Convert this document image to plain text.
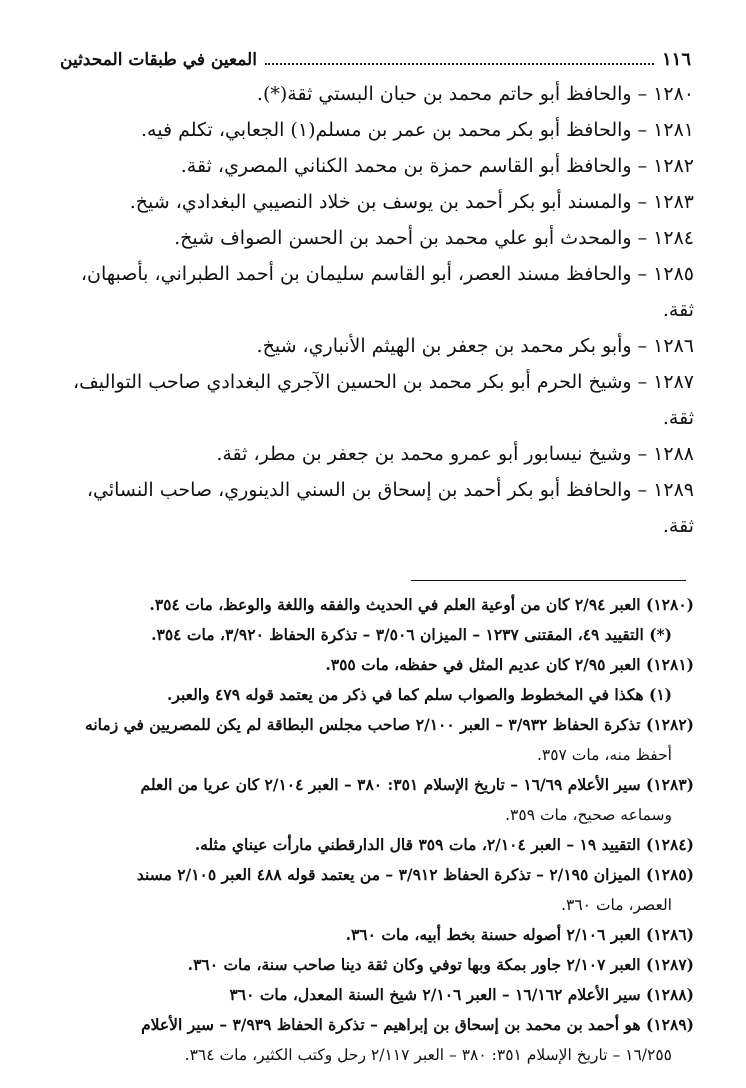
١١٦
المعين في طبقات المحدثين
١٢٨٠ – والحافظ أبو حاتم محمد بن حبان البستي ثقة(*).
١٢٨١ – والحافظ أبو بكر محمد بن عمر بن مسلم(١) الجعابي، تكلم فيه.
١٢٨٢ – والحافظ أبو القاسم حمزة بن محمد الكناني المصري، ثقة.
١٢٨٣ – والمسند أبو بكر أحمد بن يوسف بن خلاد النصيبي البغدادي، شيخ.
١٢٨٤ – والمحدث أبو علي محمد بن أحمد بن الحسن الصواف شيخ.
١٢٨٥ – والحافظ مسند العصر، أبو القاسم سليمان بن أحمد الطبراني، بأصبهان،
ثقة.
١٢٨٦ – وأبو بكر محمد بن جعفر بن الهيثم الأنباري، شيخ.
١٢٨٧ – وشيخ الحرم أبو بكر محمد بن الحسين الآجري البغدادي صاحب التواليف،
ثقة.
١٢٨٨ – وشيخ نيسابور أبو عمرو محمد بن جعفر بن مطر، ثقة.
١٢٨٩ – والحافظ أبو بكر أحمد بن إسحاق بن السني الدينوري، صاحب النسائي،
ثقة.
(١٢٨٠) العبر ٢/٩٤ كان من أوعية العلم في الحديث والفقه واللغة والوعظ، مات ٣٥٤.
(*) التقييد ٤٩، المقتنى ١٢٣٧ – الميزان ٣/٥٠٦ – تذكرة الحفاظ ٣/٩٢٠، مات ٣٥٤.
(١٢٨١) العبر ٢/٩٥ كان عديم المثل في حفظه، مات ٣٥٥.
(١) هكذا في المخطوط والصواب سلم كما في ذكر من يعتمد قوله ٤٧٩ والعبر.
(١٢٨٢) تذكرة الحفاظ ٣/٩٣٢ – العبر ٢/١٠٠ صاحب مجلس البطاقة لم يكن للمصريين في زمانه
أحفظ منه، مات ٣٥٧.
(١٢٨٣) سير الأعلام ١٦/٦٩ – تاريخ الإسلام ٣٥١: ٣٨٠ – العبر ٢/١٠٤ كان عريا من العلم
وسماعه صحيح، مات ٣٥٩.
(١٢٨٤) التقييد ١٩ – العبر ٢/١٠٤، مات ٣٥٩ قال الدارقطني مارأت عيناي مثله.
(١٢٨٥) الميزان ٢/١٩٥ – تذكرة الحفاظ ٣/٩١٢ – من يعتمد قوله ٤٨٨ العبر ٢/١٠٥ مسند
العصر، مات ٣٦٠.
(١٢٨٦) العبر ٢/١٠٦ أصوله حسنة بخط أبيه، مات ٣٦٠.
(١٢٨٧) العبر ٢/١٠٧ جاور بمكة وبها توفي وكان ثقة دينا صاحب سنة، مات ٣٦٠.
(١٢٨٨) سير الأعلام ١٦/١٦٢ – العبر ٢/١٠٦ شيخ السنة المعدل، مات ٣٦٠
(١٢٨٩) هو أحمد بن محمد بن إسحاق بن إبراهيم – تذكرة الحفاظ ٣/٩٣٩ – سير الأعلام
١٦/٢٥٥ – تاريخ الإسلام ٣٥١: ٣٨٠ – العبر ٢/١١٧ رحل وكتب الكثير، مات ٣٦٤.
